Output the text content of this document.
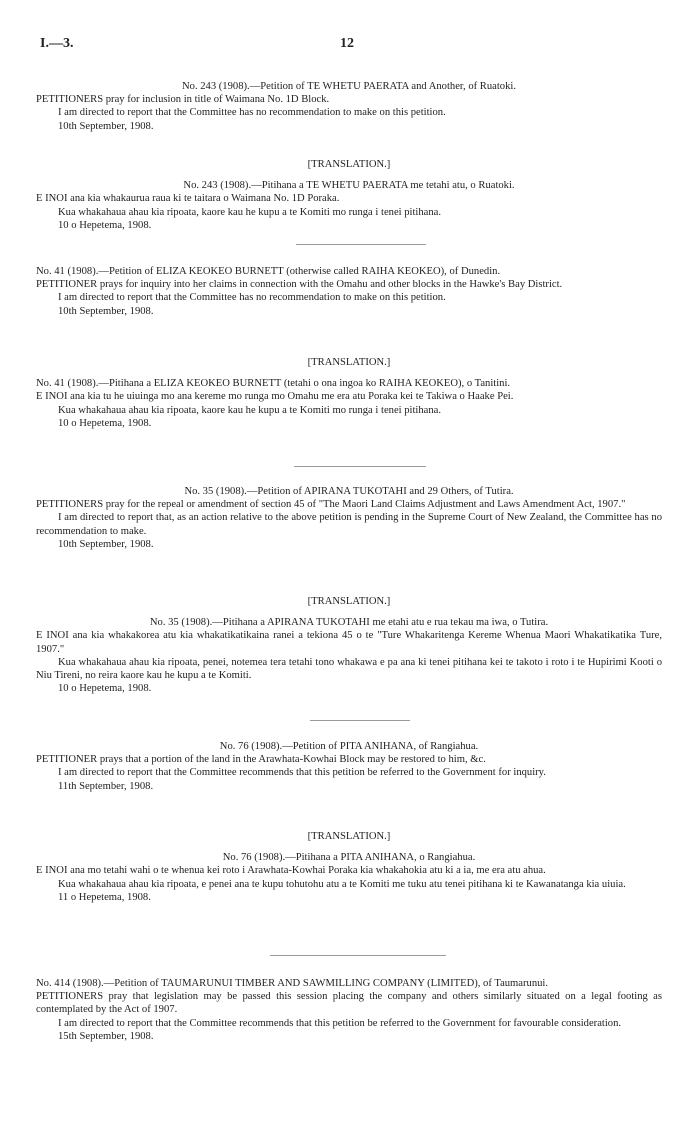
I.—3.	12

No. 243 (1908).—Petition of TE WHETU PAERATA and Another, of Ruatoki.

PETITIONERS pray for inclusion in title of Waimana No. 1D Block.

I am directed to report that the Committee has no recommendation to make on this petition.

10th September, 1908.

[TRANSLATION.]

No. 243 (1908).—Pitihana a TE WHETU PAERATA me tetahi atu, o Ruatoki.

E INOI ana kia whakaurua raua ki te taitara o Waimana No. 1D Poraka.

Kua whakahaua ahau kia ripoata, kaore kau he kupu a te Komiti mo runga i tenei pitihana.

10 o Hepetema, 1908.

No. 41 (1908).—Petition of ELIZA KEOKEO BURNETT (otherwise called RAIHA KEOKEO), of Dunedin.

PETITIONER prays for inquiry into her claims in connection with the Omahu and other blocks in the Hawke's Bay District.

I am directed to report that the Committee has no recommendation to make on this petition.

10th September, 1908.

[TRANSLATION.]

No. 41 (1908).—Pitihana a ELIZA KEOKEO BURNETT (tetahi o ona ingoa ko RAIHA KEOKEO), o Tanitini.

E INOI ana kia tu he uiuinga mo ana kereme mo runga mo Omahu me era atu Poraka kei te Takiwa o Haake Pei.

Kua whakahaua ahau kia ripoata, kaore kau he kupu a te Komiti mo runga i tenei pitihana.

10 o Hepetema, 1908.

No. 35 (1908).—Petition of APIRANA TUKOTAHI and 29 Others, of Tutira.

PETITIONERS pray for the repeal or amendment of section 45 of "The Maori Land Claims Adjustment and Laws Amendment Act, 1907."

I am directed to report that, as an action relative to the above petition is pending in the Supreme Court of New Zealand, the Committee has no recommendation to make.

10th September, 1908.

[TRANSLATION.]

No. 35 (1908).—Pitihana a APIRANA TUKOTAHI me etahi atu e rua tekau ma iwa, o Tutira.

E INOI ana kia whakakorea atu kia whakatikatikaina ranei a tekiona 45 o te "Ture Whakaritenga Kereme Whenua Maori Whakatikatika Ture, 1907."

Kua whakahaua ahau kia ripoata, penei, notemea tera tetahi tono whakawa e pa ana ki tenei pitihana kei te takoto i roto i te Hupirimi Kooti o Niu Tireni, no reira kaore kau he kupu a te Komiti.

10 o Hepetema, 1908.

No. 76 (1908).—Petition of PITA ANIHANA, of Rangiahua.

PETITIONER prays that a portion of the land in the Arawhata-Kowhai Block may be restored to him, &c.

I am directed to report that the Committee recommends that this petition be referred to the Government for inquiry.

11th September, 1908.

[TRANSLATION.]

No. 76 (1908).—Pitihana a PITA ANIHANA, o Rangiahua.

E INOI ana mo tetahi wahi o te whenua kei roto i Arawhata-Kowhai Poraka kia whakahokia atu ki a ia, me era atu ahua.

Kua whakahaua ahau kia ripoata, e penei ana te kupu tohutohu atu a te Komiti me tuku atu tenei pitihana ki te Kawanatanga kia uiuia.

11 o Hepetema, 1908.

No. 414 (1908).—Petition of TAUMARUNUI TIMBER AND SAWMILLING COMPANY (LIMITED), of Taumarunui.

PETITIONERS pray that legislation may be passed this session placing the company and others similarly situated on a legal footing as contemplated by the Act of 1907.

I am directed to report that the Committee recommends that this petition be referred to the Government for favourable consideration.

15th September, 1908.
